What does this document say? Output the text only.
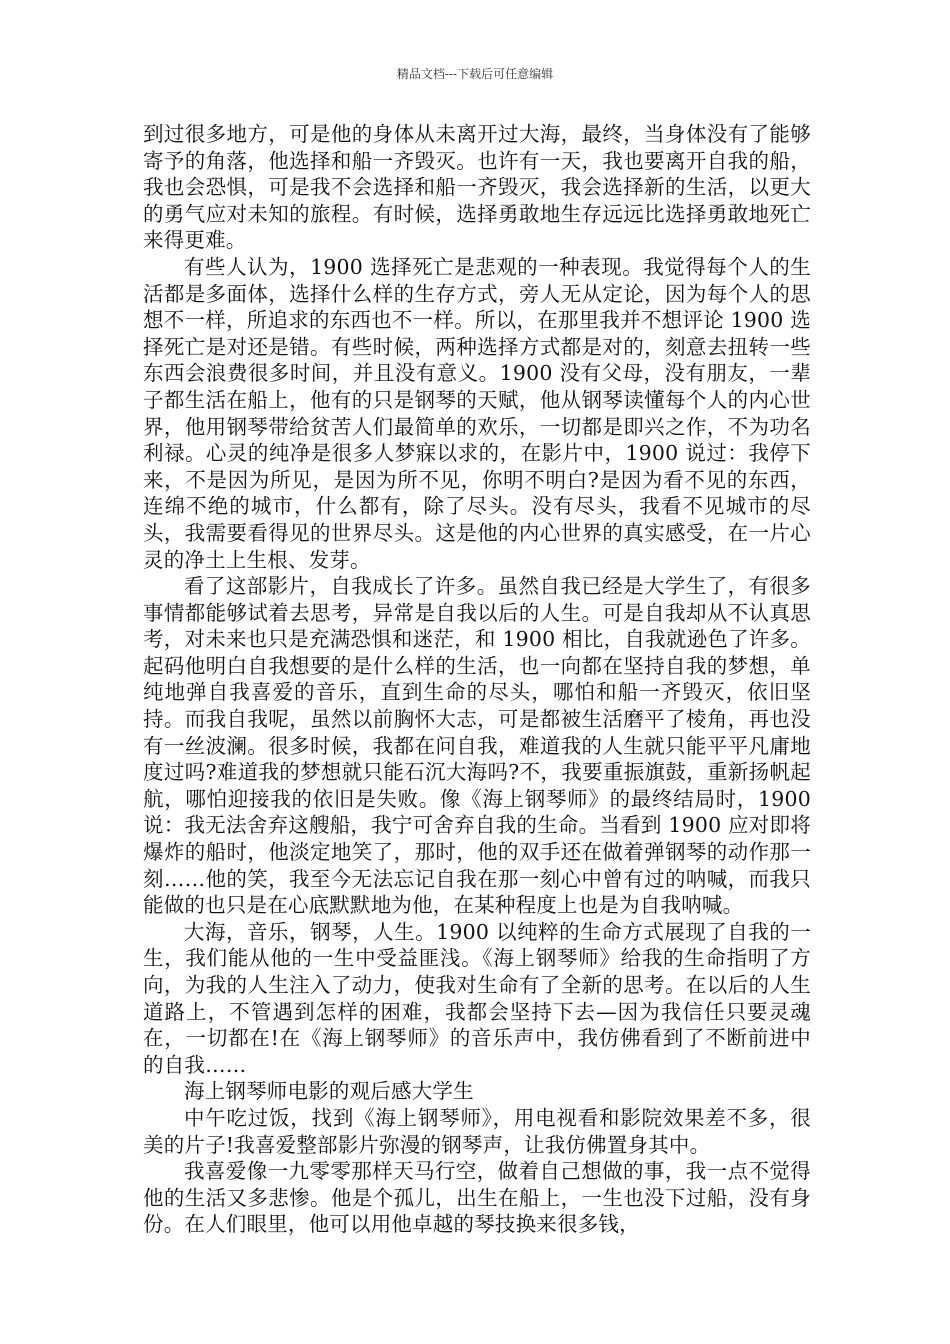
精品文档---下载后可任意编辑

到过很多地方，可是他的身体从未离开过大海，最终，当身体没有了能够寄予的角落，他选择和船一齐毁灭。也许有一天，我也要离开自我的船，我也会恐惧，可是我不会选择和船一齐毁灭，我会选择新的生活，以更大的勇气应对未知的旅程。有时候，选择勇敢地生存远远比选择勇敢地死亡来得更难。

有些人认为，1900 选择死亡是悲观的一种表现。我觉得每个人的生活都是多面体，选择什么样的生存方式，旁人无从定论，因为每个人的思想不一样，所追求的东西也不一样。所以，在那里我并不想评论 1900 选择死亡是对还是错。有些时候，两种选择方式都是对的，刻意去扭转一些东西会浪费很多时间，并且没有意义。1900 没有父母，没有朋友，一辈子都生活在船上，他有的只是钢琴的天赋，他从钢琴读懂每个人的内心世界，他用钢琴带给贫苦人们最简单的欢乐，一切都是即兴之作，不为功名利禄。心灵的纯净是很多人梦寐以求的，在影片中，1900 说过：我停下来，不是因为所见，是因为所不见，你明不明白?是因为看不见的东西，连绵不绝的城市，什么都有，除了尽头。没有尽头，我看不见城市的尽头，我需要看得见的世界尽头。这是他的内心世界的真实感受，在一片心灵的净土上生根、发芽。

看了这部影片，自我成长了许多。虽然自我已经是大学生了，有很多事情都能够试着去思考，异常是自我以后的人生。可是自我却从不认真思考，对未来也只是充满恐惧和迷茫，和 1900 相比，自我就逊色了许多。起码他明白自我想要的是什么样的生活，也一向都在坚持自我的梦想，单纯地弹自我喜爱的音乐，直到生命的尽头，哪怕和船一齐毁灭，依旧坚持。而我自我呢，虽然以前胸怀大志，可是都被生活磨平了棱角，再也没有一丝波澜。很多时候，我都在问自我，难道我的人生就只能平平凡庸地度过吗?难道我的梦想就只能石沉大海吗?不，我要重振旗鼓，重新扬帆起航，哪怕迎接我的依旧是失败。像《海上钢琴师》的最终结局时，1900 说：我无法舍弃这艘船，我宁可舍弃自我的生命。当看到 1900 应对即将爆炸的船时，他淡定地笑了，那时，他的双手还在做着弹钢琴的动作那一刻……他的笑，我至今无法忘记自我在那一刻心中曾有过的呐喊，而我只能做的也只是在心底默默地为他，在某种程度上也是为自我呐喊。

大海，音乐，钢琴，人生。1900 以纯粹的生命方式展现了自我的一生，我们能从他的一生中受益匪浅。《海上钢琴师》给我的生命指明了方向，为我的人生注入了动力，使我对生命有了全新的思考。在以后的人生道路上，不管遇到怎样的困难，我都会坚持下去—因为我信任只要灵魂在，一切都在!在《海上钢琴师》的音乐声中，我仿佛看到了不断前进中的自我……

海上钢琴师电影的观后感大学生

中午吃过饭，找到《海上钢琴师》，用电视看和影院效果差不多，很美的片子!我喜爱整部影片弥漫的钢琴声，让我仿佛置身其中。

我喜爱像一九零零那样天马行空，做着自己想做的事，我一点不觉得他的生活又多悲惨。他是个孤儿，出生在船上，一生也没下过船，没有身份。在人们眼里，他可以用他卓越的琴技换来很多钱，
